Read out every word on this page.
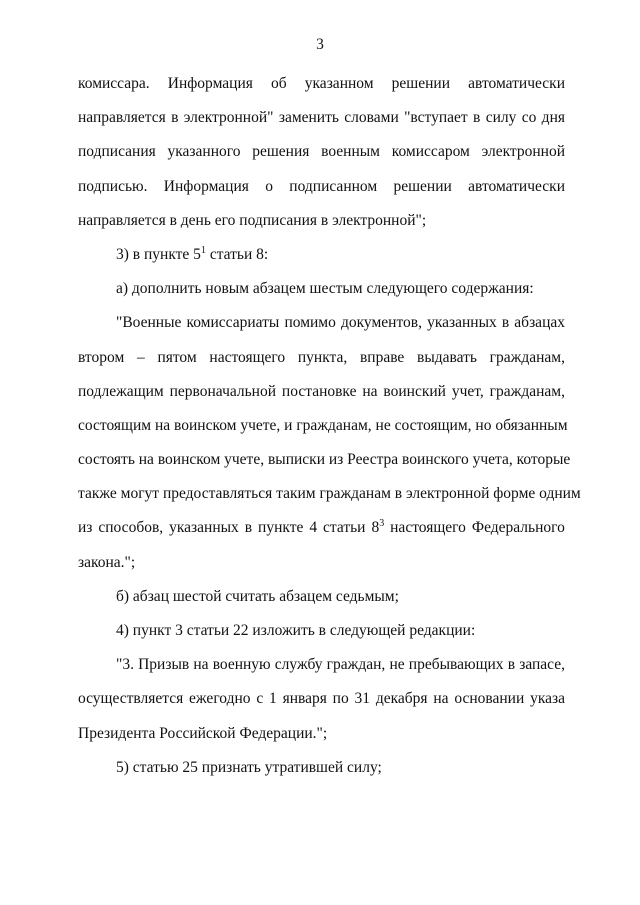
3
комиссара. Информация об указанном решении автоматически
направляется в электронной" заменить словами "вступает в силу со дня
подписания указанного решения военным комиссаром электронной
подписью. Информация о подписанном решении автоматически
направляется в день его подписания в электронной";
3) в пункте $5^1$ статьи 8:
а) дополнить новым абзацем шестым следующего содержания:
"Военные комиссариаты помимо документов, указанных в абзацах
втором – пятом настоящего пункта, вправе выдавать гражданам,
подлежащим первоначальной постановке на воинский учет, гражданам,
состоящим на воинском учете, и гражданам, не состоящим, но обязанным
состоять на воинском учете, выписки из Реестра воинского учета, которые
также могут предоставляться таким гражданам в электронной форме одним
из способов, указанных в пункте 4 статьи $8^3$ настоящего Федерального
закона.";
б) абзац шестой считать абзацем седьмым;
4) пункт 3 статьи 22 изложить в следующей редакции:
"3. Призыв на военную службу граждан, не пребывающих в запасе,
осуществляется ежегодно с 1 января по 31 декабря на основании указа
Президента Российской Федерации.";
5) статью 25 признать утратившей силу;
